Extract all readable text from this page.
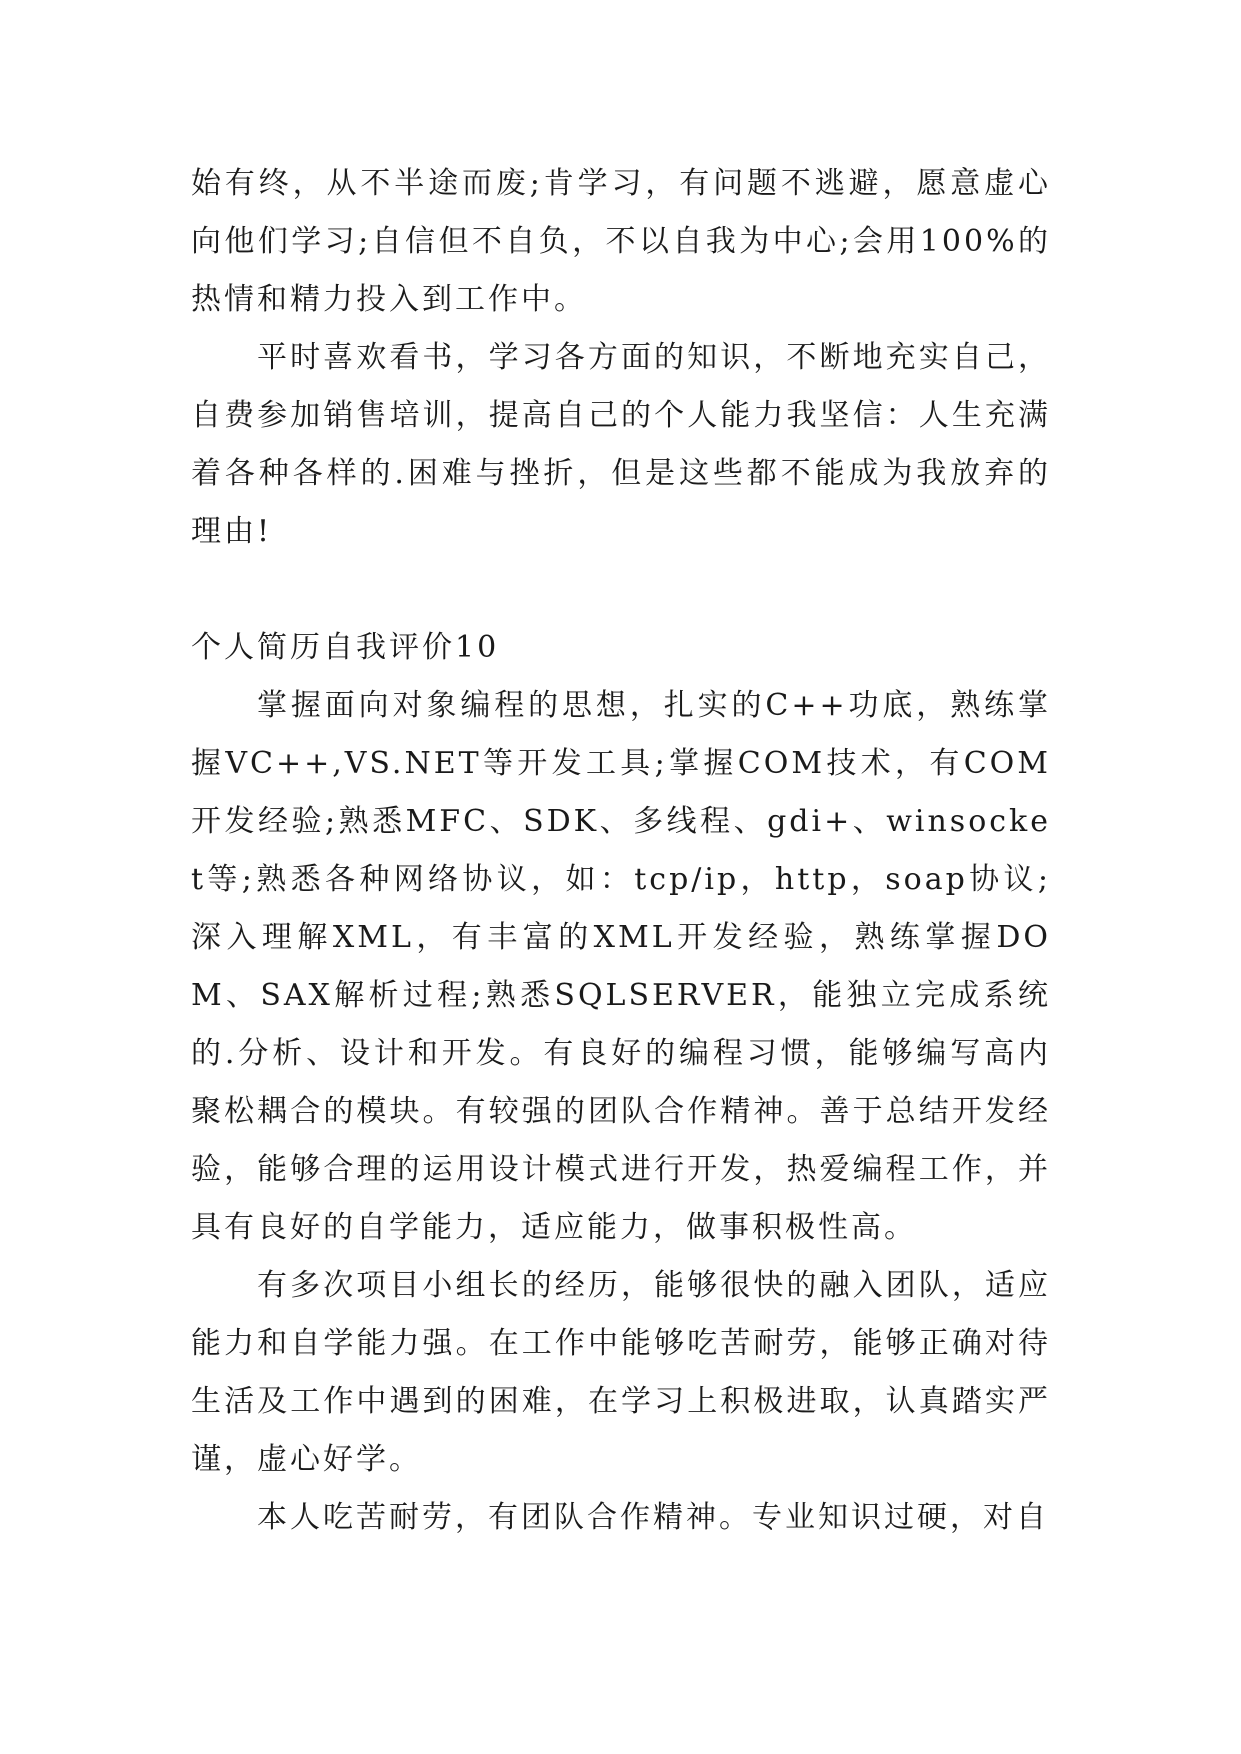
始有终，从不半途而废;肯学习，有问题不逃避，愿意虚心向他们学习;自信但不自负，不以自我为中心;会用100%的热情和精力投入到工作中。

平时喜欢看书，学习各方面的知识，不断地充实自己，自费参加销售培训，提高自己的个人能力我坚信：人生充满着各种各样的.困难与挫折，但是这些都不能成为我放弃的理由!

个人简历自我评价10

掌握面向对象编程的思想，扎实的C++功底，熟练掌握VC++,VS.NET等开发工具;掌握COM技术，有COM开发经验;熟悉MFC、SDK、多线程、gdi+、winsocket等;熟悉各种网络协议，如：tcp/ip，http，soap协议;深入理解XML，有丰富的XML开发经验，熟练掌握DOM、SAX解析过程;熟悉SQLSERVER，能独立完成系统的.分析、设计和开发。有良好的编程习惯，能够编写高内聚松耦合的模块。有较强的团队合作精神。善于总结开发经验，能够合理的运用设计模式进行开发，热爱编程工作，并具有良好的自学能力，适应能力，做事积极性高。

有多次项目小组长的经历，能够很快的融入团队，适应能力和自学能力强。在工作中能够吃苦耐劳，能够正确对待生活及工作中遇到的困难，在学习上积极进取，认真踏实严谨，虚心好学。

本人吃苦耐劳，有团队合作精神。专业知识过硬，对自
